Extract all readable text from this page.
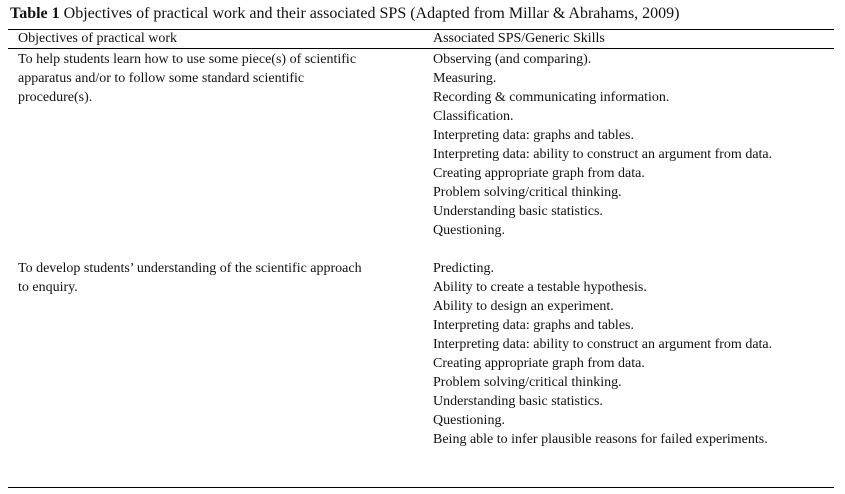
Table 1 Objectives of practical work and their associated SPS (Adapted from Millar & Abrahams, 2009)
Objectives of practical work	Associated SPS/Generic Skills
To help students learn how to use some piece(s) of scientific apparatus and/or to follow some standard scientific procedure(s).
Observing (and comparing).
Measuring.
Recording & communicating information.
Classification.
Interpreting data: graphs and tables.
Interpreting data: ability to construct an argument from data.
Creating appropriate graph from data.
Problem solving/critical thinking.
Understanding basic statistics.
Questioning.
To develop students’ understanding of the scientific approach to enquiry.
Predicting.
Ability to create a testable hypothesis.
Ability to design an experiment.
Interpreting data: graphs and tables.
Interpreting data: ability to construct an argument from data.
Creating appropriate graph from data.
Problem solving/critical thinking.
Understanding basic statistics.
Questioning.
Being able to infer plausible reasons for failed experiments.
